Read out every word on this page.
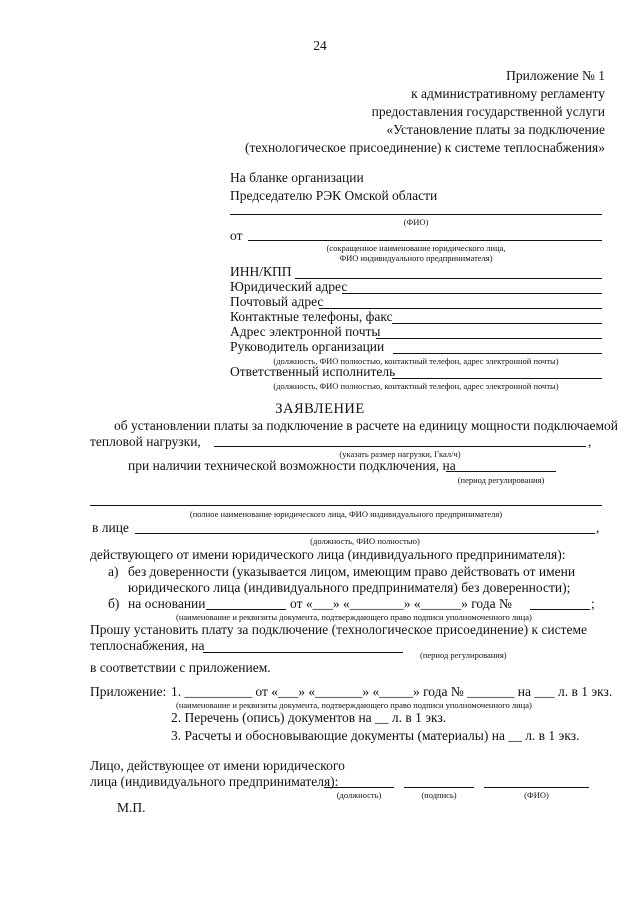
24
Приложение № 1
к административному регламенту
предоставления государственной услуги
«Установление платы за подключение
(технологическое присоединение) к системе теплоснабжения»
На бланке организации
Председателю РЭК Омской области
(ФИО)
от
(сокращенное наименование юридического лица,
ФИО индивидуального предпринимателя)
ИНН/КПП
Юридический адрес
Почтовый адрес
Контактные телефоны, факс
Адрес электронной почты
Руководитель организации
(должность, ФИО полностью, контактный телефон, адрес электронной почты)
Ответственный исполнитель
(должность, ФИО полностью, контактный телефон, адрес электронной почты)
ЗАЯВЛЕНИЕ
об установлении платы за подключение в расчете на единицу мощности подключаемой
тепловой нагрузки,	,
(указать размер нагрузки, Гкал/ч)
при наличии технической возможности подключения, на
(период регулирования)
(полное наименование юридического лица, ФИО индивидуального предпринимателя)
в лице	,
(должность, ФИО полностью)
действующего от имени юридического лица (индивидуального предпринимателя):
а) без доверенности (указывается лицом, имеющим право действовать от имени
юридического лица (индивидуального предпринимателя) без доверенности);
б) на основании	от «___» «________» «______» года №	;
(наименование и реквизиты документа, подтверждающего право подписи уполномоченного лица)
Прошу установить плату за подключение (технологическое присоединение) к системе
теплоснабжения, на
(период регулирования)
в соответствии с приложением.
Приложение: 1. __________ от «___» «_______» «_____» года № _______ на ___ л. в 1 экз.
(наименование и реквизиты документа, подтверждающего право подписи уполномоченного лица)
2. Перечень (опись) документов на __ л. в 1 экз.
3. Расчеты и обосновывающие документы (материалы) на __ л. в 1 экз.
Лицо, действующее от имени юридического
лица (индивидуального предпринимателя):
(должность)	(подпись)	(ФИО)
М.П.
